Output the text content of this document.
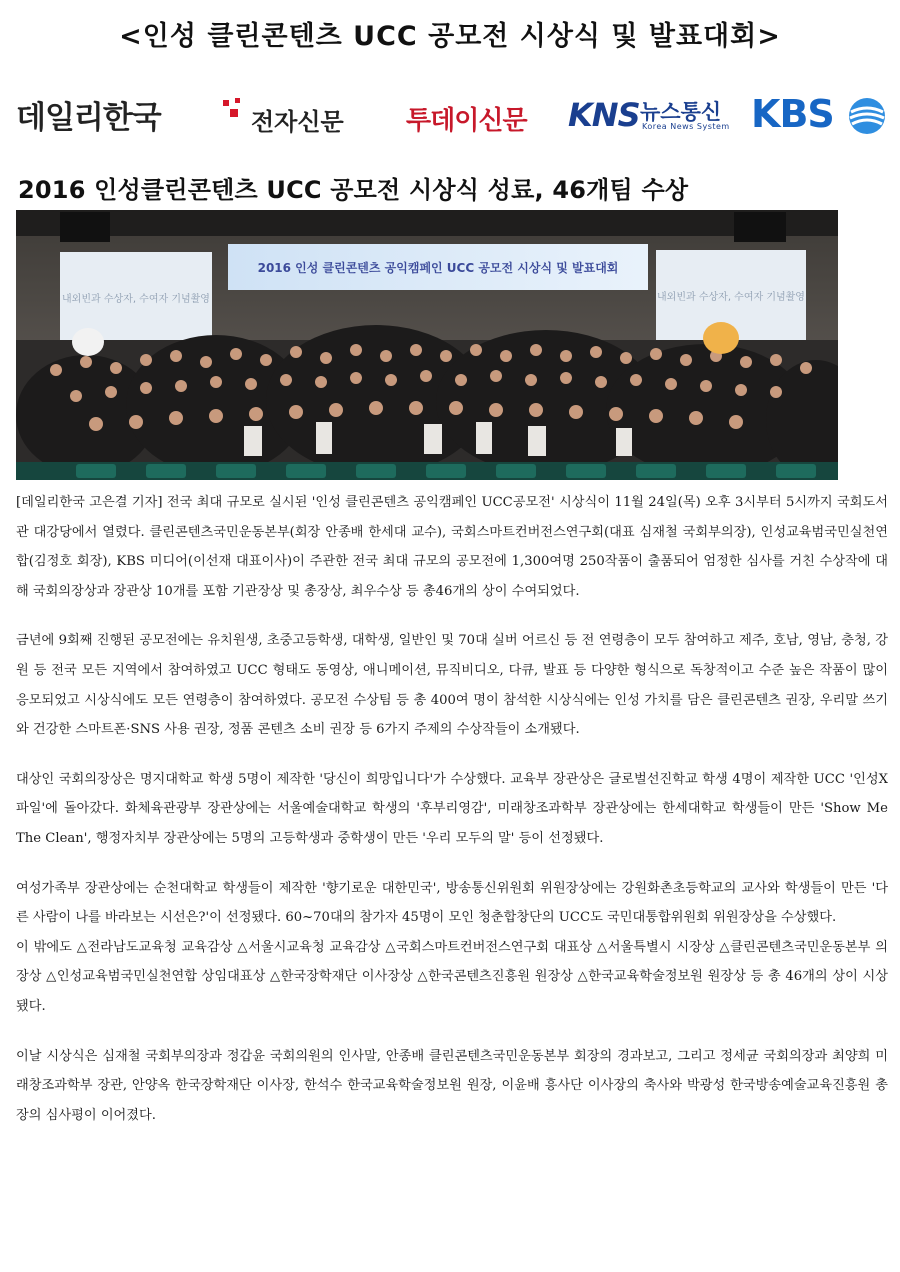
<인성 클린콘텐츠 UCC 공모전 시상식 및 발표대회>
데일리한국	전자신문 투데이신문 KNS 뉴스통신
Korea News System KBS
2016 인성클린콘텐츠 UCC 공모전 시상식 성료, 46개팀 수상
내외빈과 수상자, 수여자 기념촬영	내외빈과 수상자, 수여자 기념촬영
2016 인성 클린콘텐츠 공익캠페인 UCC 공모전 시상식 및 발표대회

[데일리한국 고은결 기자] 전국 최대 규모로 실시된 '인성 클린콘텐츠 공익캠페인 UCC공모전' 시상식이 11월 24일(목) 오후 3시부터 5시까지 국회도서관 대강당에서 열렸다. 클린콘텐츠국민운동본부(회장 안종배 한세대 교수), 국회스마트컨버전스연구회(대표 심재철 국회부의장), 인성교육범국민실천연합(김정호 회장), KBS 미디어(이선재 대표이사)이 주관한 전국 최대 규모의 공모전에 1,300여명 250작품이 출품되어 엄정한 심사를 거친 수상작에 대해 국회의장상과 장관상 10개를 포함 기관장상 및 총장상, 최우수상 등 총46개의 상이 수여되었다.

금년에 9회째 진행된 공모전에는 유치원생, 초중고등학생, 대학생, 일반인 및 70대 실버 어르신 등 전 연령층이 모두 참여하고 제주, 호남, 영남, 충청, 강원 등 전국 모든 지역에서 참여하였고 UCC 형태도 동영상, 애니메이션, 뮤직비디오, 다큐, 발표 등 다양한 형식으로 독창적이고 수준 높은 작품이 많이 응모되었고 시상식에도 모든 연령층이 참여하였다. 공모전 수상팀 등 총 400여 명이 참석한 시상식에는 인성 가치를 담은 클린콘텐츠 권장, 우리말 쓰기와 건강한 스마트폰·SNS 사용 권장, 정품 콘텐츠 소비 권장 등 6가지 주제의 수상작들이 소개됐다.

대상인 국회의장상은 명지대학교 학생 5명이 제작한 '당신이 희망입니다'가 수상했다. 교육부 장관상은 글로벌선진학교 학생 4명이 제작한 UCC '인성X파일'에 돌아갔다. 화체육관광부 장관상에는 서울예술대학교 학생의 '후부리영감', 미래창조과학부 장관상에는 한세대학교 학생들이 만든 'Show Me The Clean', 행정자치부 장관상에는 5명의 고등학생과 중학생이 만든 '우리 모두의 말' 등이 선정됐다.

여성가족부 장관상에는 순천대학교 학생들이 제작한 '향기로운 대한민국', 방송통신위원회 위원장상에는 강원화촌초등학교의 교사와 학생들이 만든 '다른 사람이 나를 바라보는 시선은?'이 선정됐다. 60~70대의 참가자 45명이 모인 청춘합창단의 UCC도 국민대통합위원회 위원장상을 수상했다.

이 밖에도 △전라남도교육청 교육감상 △서울시교육청 교육감상 △국회스마트컨버전스연구회 대표상 △서울특별시 시장상 △클린콘텐츠국민운동본부 의장상 △인성교육범국민실천연합 상임대표상 △한국장학재단 이사장상 △한국콘텐츠진흥원 원장상 △한국교육학술정보원 원장상 등 총 46개의 상이 시상됐다.

이날 시상식은 심재철 국회부의장과 정갑윤 국회의원의 인사말, 안종배 클린콘텐츠국민운동본부 회장의 경과보고, 그리고 정세균 국회의장과 최양희 미래창조과학부 장관, 안양옥 한국장학재단 이사장, 한석수 한국교육학술정보원 원장, 이윤배 흥사단 이사장의 축사와 박광성 한국방송예술교육진흥원 총장의 심사평이 이어졌다.
